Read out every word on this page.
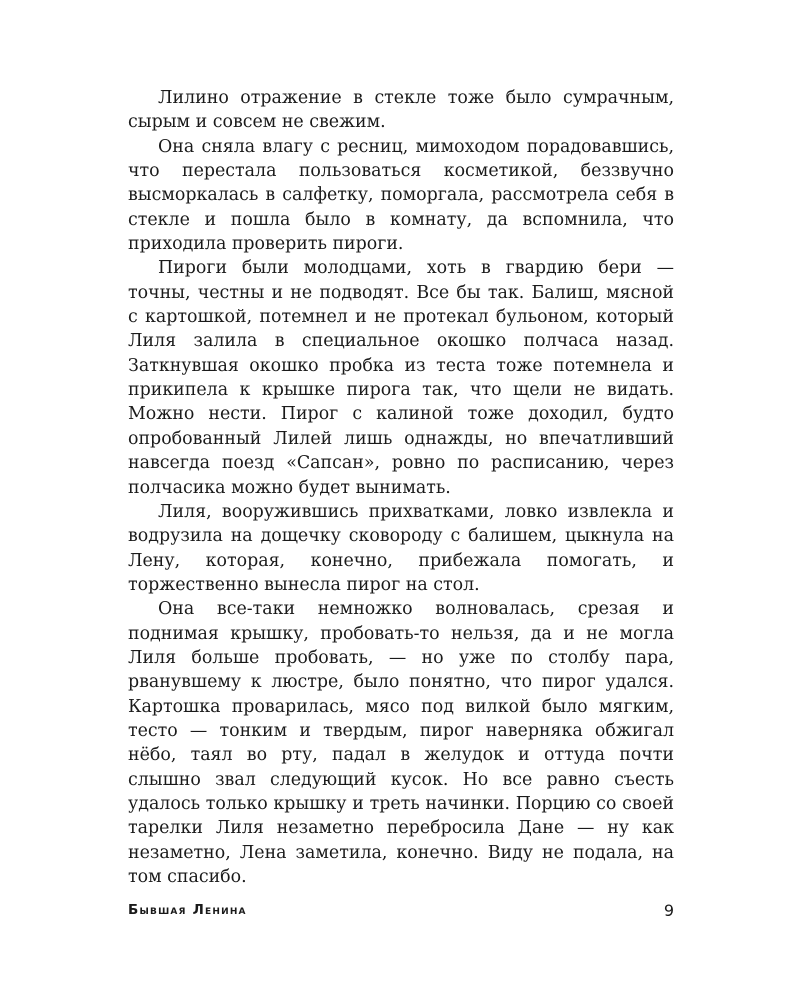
Лилино отражение в стекле тоже было сумрачным, сырым и совсем не свежим.

Она сняла влагу с ресниц, мимоходом порадовавшись, что перестала пользоваться косметикой, беззвучно высморкалась в салфетку, поморгала, рассмотрела себя в стекле и пошла было в комнату, да вспомнила, что приходила проверить пироги.

Пироги были молодцами, хоть в гвардию бери — точны, честны и не подводят. Все бы так. Балиш, мясной с картошкой, потемнел и не протекал бульоном, который Лиля залила в специальное окошко полчаса назад. Заткнувшая окошко пробка из теста тоже потемнела и прикипела к крышке пирога так, что щели не видать. Можно нести. Пирог с калиной тоже доходил, будто опробованный Лилей лишь однажды, но впечатливший навсегда поезд «Сапсан», ровно по расписанию, через полчасика можно будет вынимать.

Лиля, вооружившись прихватками, ловко извлекла и водрузила на дощечку сковороду с балишем, цыкнула на Лену, которая, конечно, прибежала помогать, и торжественно вынесла пирог на стол.

Она все-таки немножко волновалась, срезая и поднимая крышку, пробовать-то нельзя, да и не могла Лиля больше пробовать, — но уже по столбу пара, рванувшему к люстре, было понятно, что пирог удался. Картошка проварилась, мясо под вилкой было мягким, тесто — тонким и твердым, пирог наверняка обжигал нёбо, таял во рту, падал в желудок и оттуда почти слышно звал следующий кусок. Но все равно съесть удалось только крышку и треть начинки. Порцию со своей тарелки Лиля незаметно перебросила Дане — ну как незаметно, Лена заметила, конечно. Виду не подала, на том спасибо.

Бывшая Ленина	9
